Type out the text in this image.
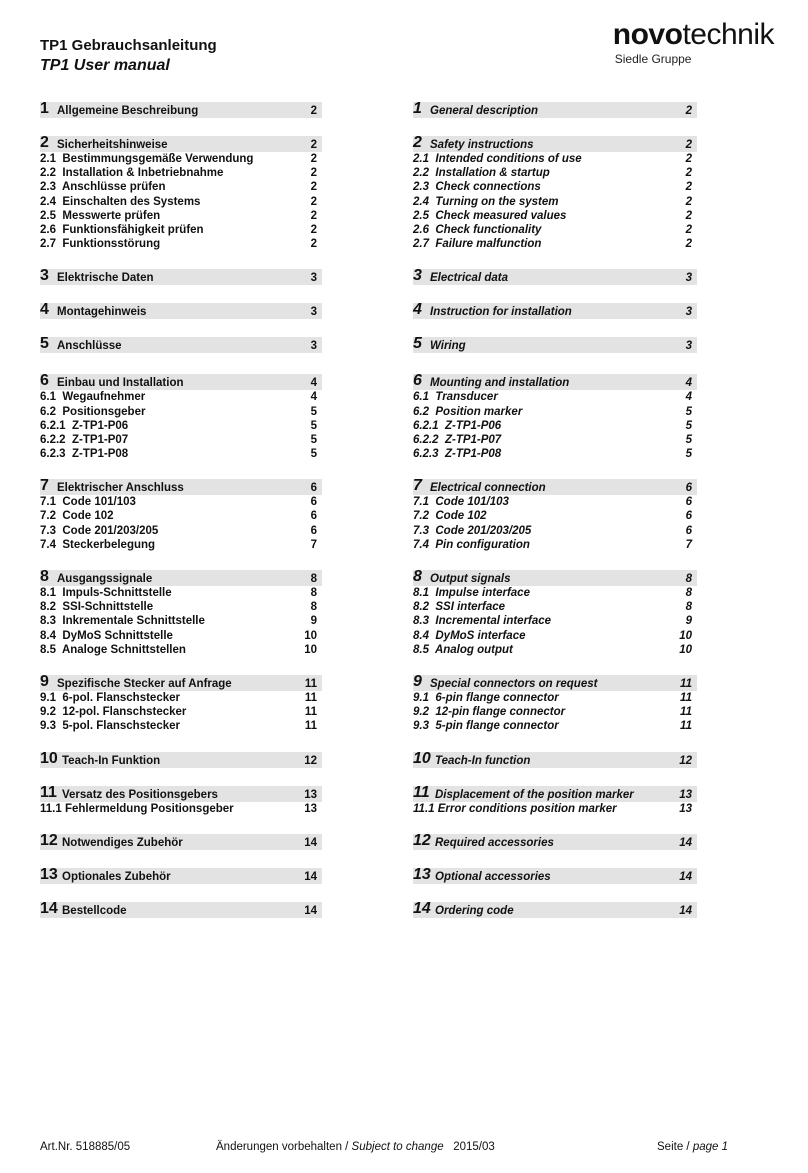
TP1 Gebrauchsanleitung
TP1 User manual
novotechnik
Siedle Gruppe
1 Allgemeine Beschreibung	2
2 Sicherheitshinweise	2
2.1  Bestimmungsgemäße Verwendung	2
2.2  Installation & Inbetriebnahme	2
2.3  Anschlüsse prüfen	2
2.4  Einschalten des Systems	2
2.5  Messwerte prüfen	2
2.6  Funktionsfähigkeit prüfen	2
2.7  Funktionsstörung	2
3 Elektrische Daten	3
4 Montagehinweis	3
5 Anschlüsse	3
6 Einbau und Installation	4
6.1  Wegaufnehmer	4
6.2  Positionsgeber	5
6.2.1  Z-TP1-P06	5
6.2.2  Z-TP1-P07	5
6.2.3  Z-TP1-P08	5
7 Elektrischer Anschluss	6
7.1  Code 101/103	6
7.2  Code 102	6
7.3  Code 201/203/205	6
7.4  Steckerbelegung	7
8 Ausgangssignale	8
8.1  Impuls-Schnittstelle	8
8.2  SSI-Schnittstelle	8
8.3  Inkrementale Schnittstelle	9
8.4  DyMoS Schnittstelle	10
8.5  Analoge Schnittstellen	10
9 Spezifische Stecker auf Anfrage	11
9.1  6-pol. Flanschstecker	11
9.2  12-pol. Flanschstecker	11
9.3  5-pol. Flanschstecker	11
10 Teach-In Funktion	12
11 Versatz des Positionsgebers	13
11.1 Fehlermeldung Positionsgeber	13
12 Notwendiges Zubehör	14
13 Optionales Zubehör	14
14 Bestellcode	14
1 General description	2
2 Safety instructions	2
2.1  Intended conditions of use	2
2.2  Installation & startup	2
2.3  Check connections	2
2.4  Turning on the system	2
2.5  Check measured values	2
2.6  Check functionality	2
2.7  Failure malfunction	2
3 Electrical data	3
4 Instruction for installation	3
5 Wiring	3
6 Mounting and installation	4
6.1  Transducer	4
6.2  Position marker	5
6.2.1  Z-TP1-P06	5
6.2.2  Z-TP1-P07	5
6.2.3  Z-TP1-P08	5
7 Electrical connection	6
7.1  Code 101/103	6
7.2  Code 102	6
7.3  Code 201/203/205	6
7.4  Pin configuration	7
8 Output signals	8
8.1  Impulse interface	8
8.2  SSI interface	8
8.3  Incremental interface	9
8.4  DyMoS interface	10
8.5  Analog output	10
9 Special connectors on request	11
9.1  6-pin flange connector	11
9.2  12-pin flange connector	11
9.3  5-pin flange connector	11
10 Teach-In function	12
11 Displacement of the position marker	13
11.1 Error conditions position marker	13
12 Required accessories	14
13 Optional accessories	14
14 Ordering code	14
Art.Nr. 518885/05	Änderungen vorbehalten / Subject to change   2015/03	Seite / page 1
